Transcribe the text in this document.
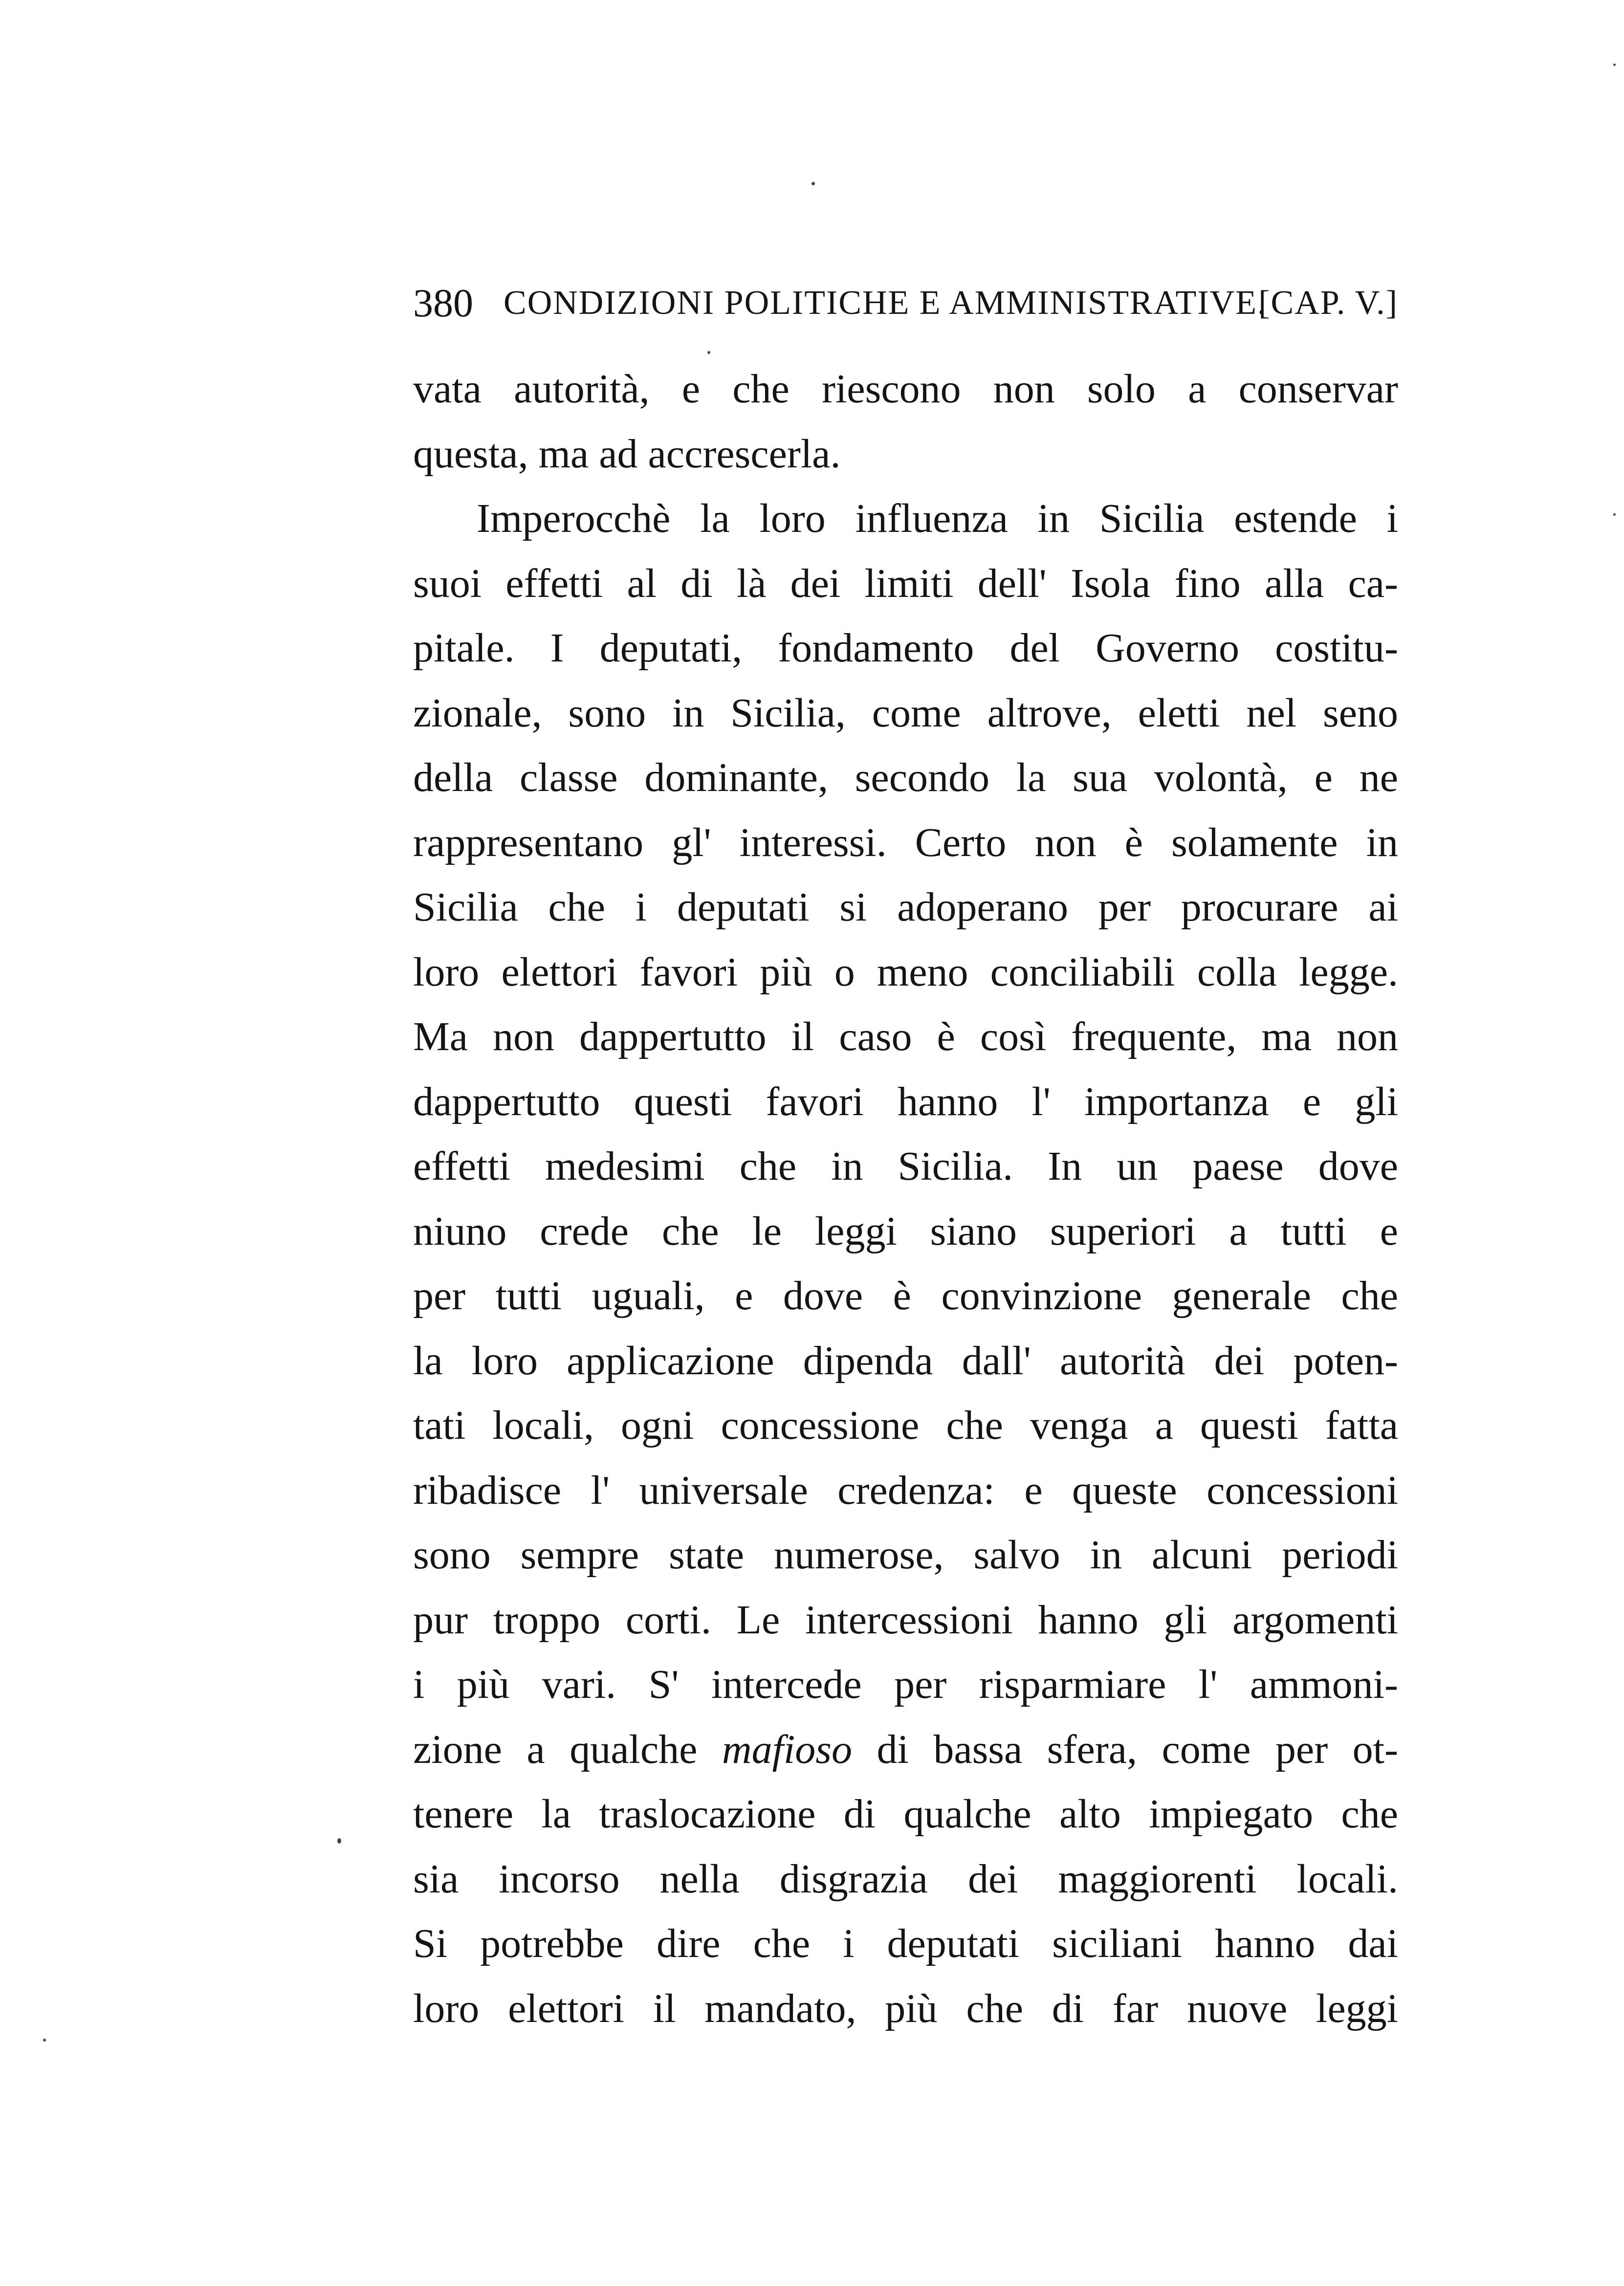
380 CONDIZIONI POLITICHE E AMMINISTRATIVE.
[CAP. V.]
vata autorità, e che riescono non solo a conservar
questa, ma ad accrescerla.
Imperocchè la loro influenza in Sicilia estende i
suoi effetti al di là dei limiti dell' Isola fino alla ca-
pitale. I deputati, fondamento del Governo costitu-
zionale, sono in Sicilia, come altrove, eletti nel seno
della classe dominante, secondo la sua volontà, e ne
rappresentano gl' interessi. Certo non è solamente in
Sicilia che i deputati si adoperano per procurare ai
loro elettori favori più o meno conciliabili colla legge.
Ma non dappertutto il caso è così frequente, ma non
dappertutto questi favori hanno l' importanza e gli
effetti medesimi che in Sicilia. In un paese dove
niuno crede che le leggi siano superiori a tutti e
per tutti uguali, e dove è convinzione generale che
la loro applicazione dipenda dall' autorità dei poten-
tati locali, ogni concessione che venga a questi fatta
ribadisce l' universale credenza: e queste concessioni
sono sempre state numerose, salvo in alcuni periodi
pur troppo corti. Le intercessioni hanno gli argomenti
i più vari. S' intercede per risparmiare l' ammoni-
zione a qualche mafioso di bassa sfera, come per ot-
tenere la traslocazione di qualche alto impiegato che
sia incorso nella disgrazia dei maggiorenti locali.
Si potrebbe dire che i deputati siciliani hanno dai
loro elettori il mandato, più che di far nuove leggi
